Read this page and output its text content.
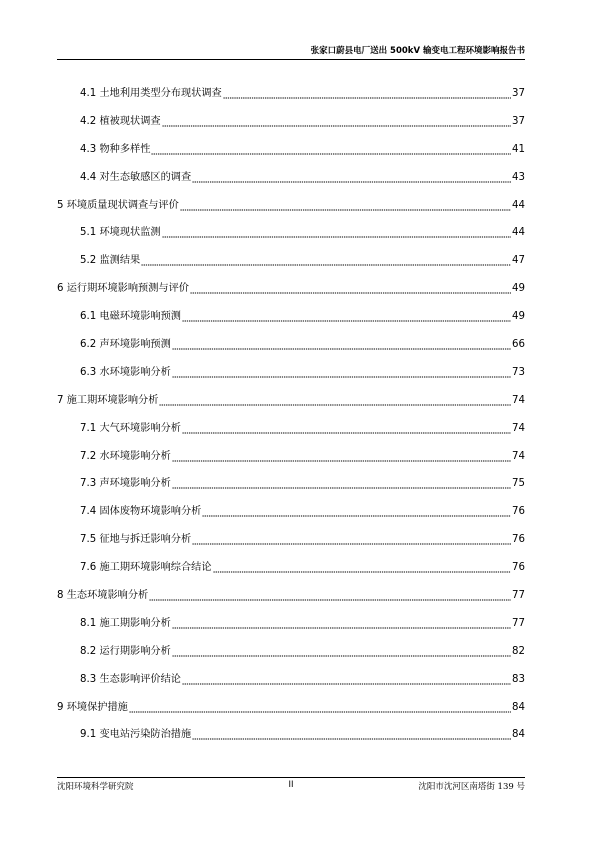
张家口蔚县电厂送出 500kV 输变电工程环境影响报告书
4.1 土地利用类型分布现状调查	37
4.2 植被现状调查	37
4.3 物种多样性	41
4.4 对生态敏感区的调查	43
5 环境质量现状调查与评价	44
5.1 环境现状监测	44
5.2 监测结果	47
6 运行期环境影响预测与评价	49
6.1 电磁环境影响预测	49
6.2 声环境影响预测	66
6.3 水环境影响分析	73
7 施工期环境影响分析	74
7.1 大气环境影响分析	74
7.2 水环境影响分析	74
7.3 声环境影响分析	75
7.4 固体废物环境影响分析	76
7.5 征地与拆迁影响分析	76
7.6 施工期环境影响综合结论	76
8 生态环境影响分析	77
8.1 施工期影响分析	77
8.2 运行期影响分析	82
8.3 生态影响评价结论	83
9 环境保护措施	84
9.1 变电站污染防治措施	84
沈阳环境科学研究院	II	沈阳市沈河区南塔街 139 号
